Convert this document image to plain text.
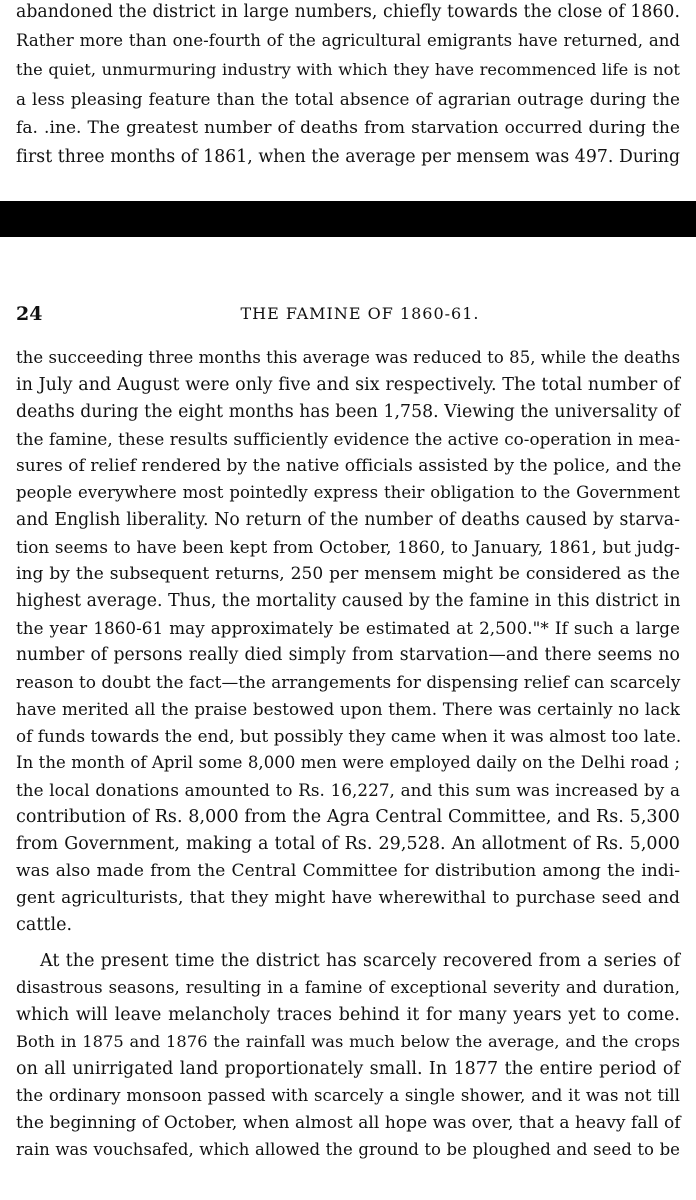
abandoned the district in large numbers, chiefly towards the close of 1860.
Rather more than one-fourth of the agricultural emigrants have returned, and
the quiet, unmurmuring industry with which they have recommenced life is not
a less pleasing feature than the total absence of agrarian outrage during the
fa. .ine. The greatest number of deaths from starvation occurred during the
first three months of 1861, when the average per mensem was 497. During
24	THE FAMINE OF 1860-61.
the succeeding three months this average was reduced to 85, while the deaths
in July and August were only five and six respectively. The total number of
deaths during the eight months has been 1,758. Viewing the universality of
the famine, these results sufficiently evidence the active co-operation in mea-
sures of relief rendered by the native officials assisted by the police, and the
people everywhere most pointedly express their obligation to the Government
and English liberality. No return of the number of deaths caused by starva-
tion seems to have been kept from October, 1860, to January, 1861, but judg-
ing by the subsequent returns, 250 per mensem might be considered as the
highest average. Thus, the mortality caused by the famine in this district in
the year 1860-61 may approximately be estimated at 2,500."* If such a large
number of persons really died simply from starvation—and there seems no
reason to doubt the fact—the arrangements for dispensing relief can scarcely
have merited all the praise bestowed upon them. There was certainly no lack
of funds towards the end, but possibly they came when it was almost too late.
In the month of April some 8,000 men were employed daily on the Delhi road ;
the local donations amounted to Rs. 16,227, and this sum was increased by a
contribution of Rs. 8,000 from the Agra Central Committee, and Rs. 5,300
from Government, making a total of Rs. 29,528. An allotment of Rs. 5,000
was also made from the Central Committee for distribution among the indi-
gent agriculturists, that they might have wherewithal to purchase seed and
cattle.
At the present time the district has scarcely recovered from a series of
disastrous seasons, resulting in a famine of exceptional severity and duration,
which will leave melancholy traces behind it for many years yet to come.
Both in 1875 and 1876 the rainfall was much below the average, and the crops
on all unirrigated land proportionately small. In 1877 the entire period of
the ordinary monsoon passed with scarcely a single shower, and it was not till
the beginning of October, when almost all hope was over, that a heavy fall of
rain was vouchsafed, which allowed the ground to be ploughed and seed to be
